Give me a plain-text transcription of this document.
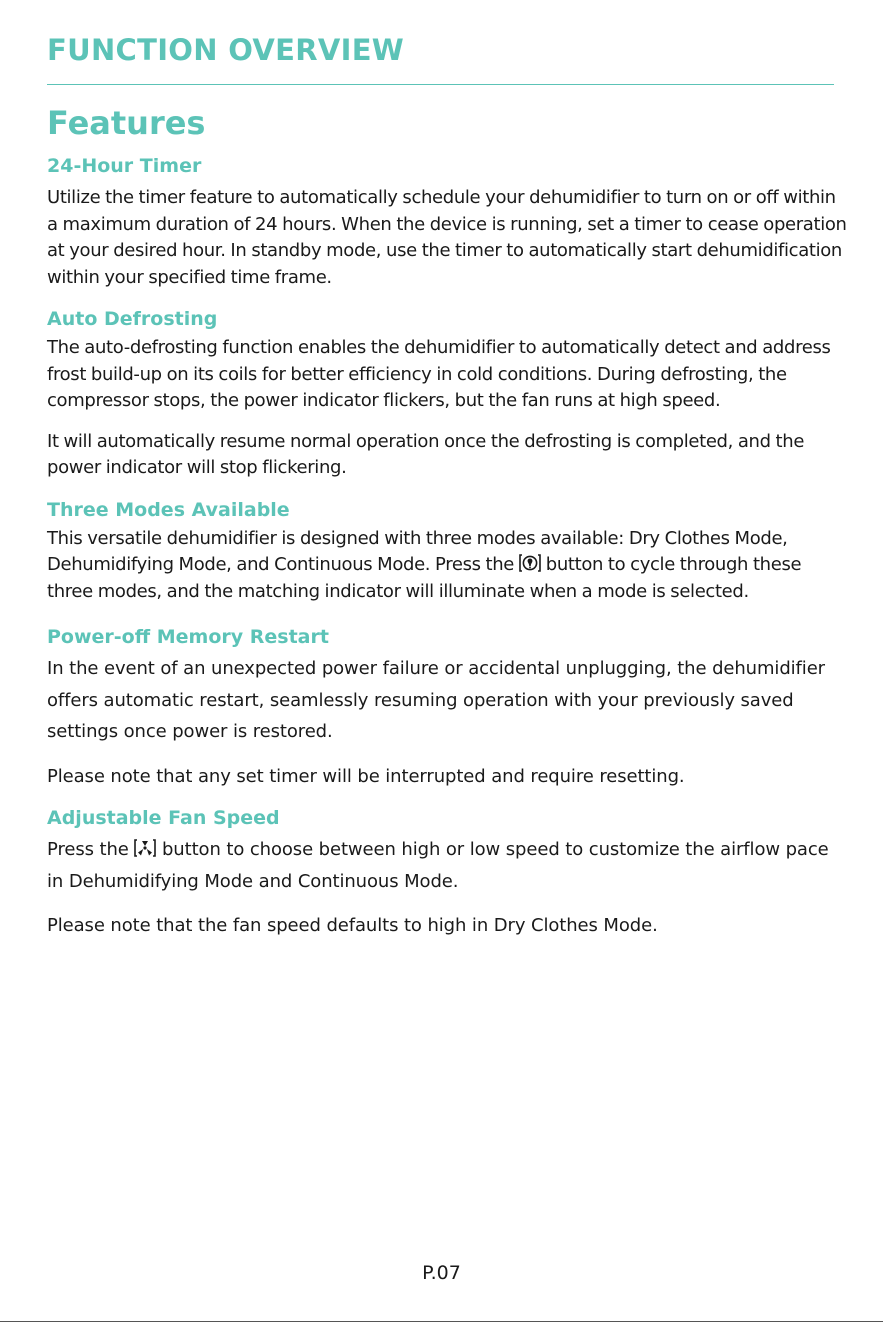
FUNCTION OVERVIEW
Features
24-Hour Timer

Utilize the timer feature to automatically schedule your dehumidifier to turn on or off within a maximum duration of 24 hours. When the device is running, set a timer to cease operation at your desired hour. In standby mode, use the timer to automatically start dehumidification within your specified time frame.

Auto Defrosting

The auto-defrosting function enables the dehumidifier to automatically detect and address frost build-up on its coils for better efficiency in cold conditions. During defrosting, the compressor stops, the power indicator flickers, but the fan runs at high speed.

It will automatically resume normal operation once the defrosting is completed, and the power indicator will stop flickering.

Three Modes Available

This versatile dehumidifier is designed with three modes available: Dry Clothes Mode, Dehumidifying Mode, and Continuous Mode. Press the  button to cycle through these three modes, and the matching indicator will illuminate when a mode is selected.

Power-off Memory Restart

In the event of an unexpected power failure or accidental unplugging, the dehumidifier offers automatic restart, seamlessly resuming operation with your previously saved settings once power is restored.

Please note that any set timer will be interrupted and require resetting.

Adjustable Fan Speed

Press the  button to choose between high or low speed to customize the airflow pace in Dehumidifying Mode and Continuous Mode.

Please note that the fan speed defaults to high in Dry Clothes Mode.

P.07
